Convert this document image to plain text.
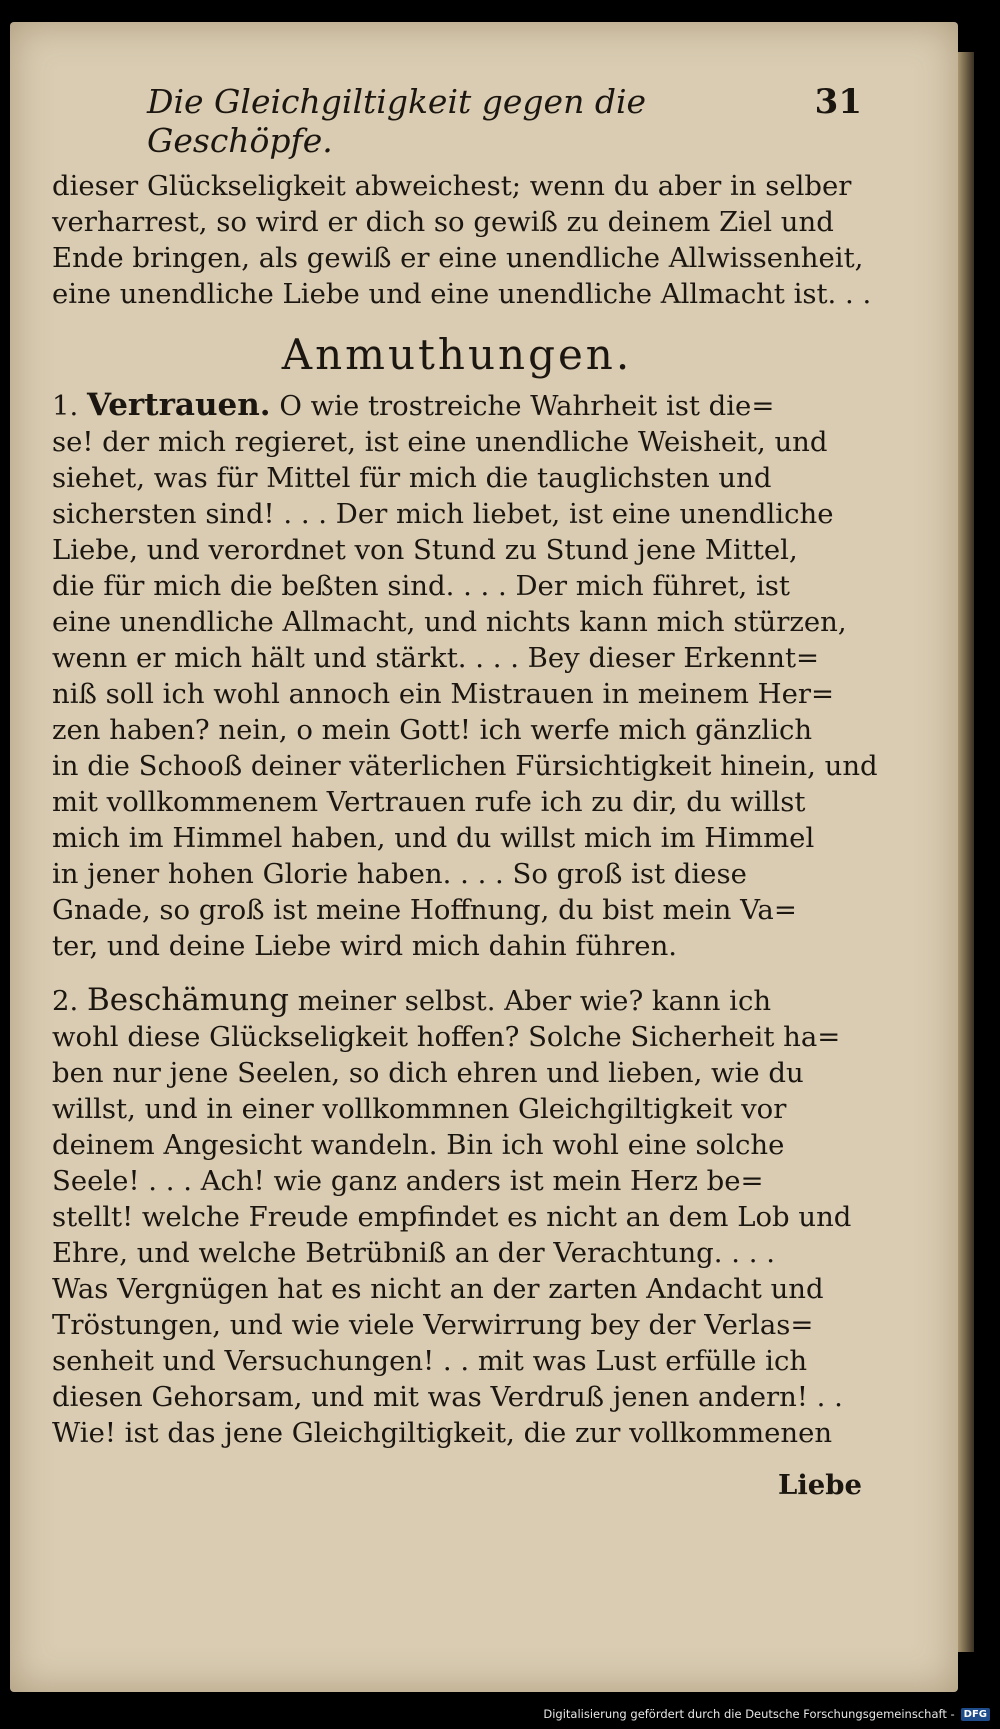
Die Gleichgiltigkeit gegen die Geschöpfe.
31

dieser Glückseligkeit abweichest; wenn du aber in selber
verharrest, so wird er dich so gewiß zu deinem Ziel und
Ende bringen, als gewiß er eine unendliche Allwissenheit,
eine unendliche Liebe und eine unendliche Allmacht ist. . .

Anmuthungen.

1. Vertrauen. O wie trostreiche Wahrheit ist die=
se! der mich regieret, ist eine unendliche Weisheit, und
siehet, was für Mittel für mich die tauglichsten und
sichersten sind! . . . Der mich liebet, ist eine unendliche
Liebe, und verordnet von Stund zu Stund jene Mittel,
die für mich die beßten sind. . . . Der mich führet, ist
eine unendliche Allmacht, und nichts kann mich stürzen,
wenn er mich hält und stärkt. . . . Bey dieser Erkennt=
niß soll ich wohl annoch ein Mistrauen in meinem Her=
zen haben? nein, o mein Gott! ich werfe mich gänzlich
in die Schooß deiner väterlichen Fürsichtigkeit hinein, und
mit vollkommenem Vertrauen rufe ich zu dir, du willst
mich im Himmel haben, und du willst mich im Himmel
in jener hohen Glorie haben. . . . So groß ist diese
Gnade, so groß ist meine Hoffnung, du bist mein Va=
ter, und deine Liebe wird mich dahin führen.

2. Beschämung meiner selbst. Aber wie? kann ich
wohl diese Glückseligkeit hoffen? Solche Sicherheit ha=
ben nur jene Seelen, so dich ehren und lieben, wie du
willst, und in einer vollkommnen Gleichgiltigkeit vor
deinem Angesicht wandeln. Bin ich wohl eine solche
Seele! . . . Ach! wie ganz anders ist mein Herz be=
stellt! welche Freude empfindet es nicht an dem Lob und
Ehre, und welche Betrübniß an der Verachtung. . . .
Was Vergnügen hat es nicht an der zarten Andacht und
Tröstungen, und wie viele Verwirrung bey der Verlas=
senheit und Versuchungen! . . mit was Lust erfülle ich
diesen Gehorsam, und mit was Verdruß jenen andern! . .
Wie! ist das jene Gleichgiltigkeit, die zur vollkommenen

Liebe
Digitalisierung gefördert durch die Deutsche Forschungsgemeinschaft - DFG
